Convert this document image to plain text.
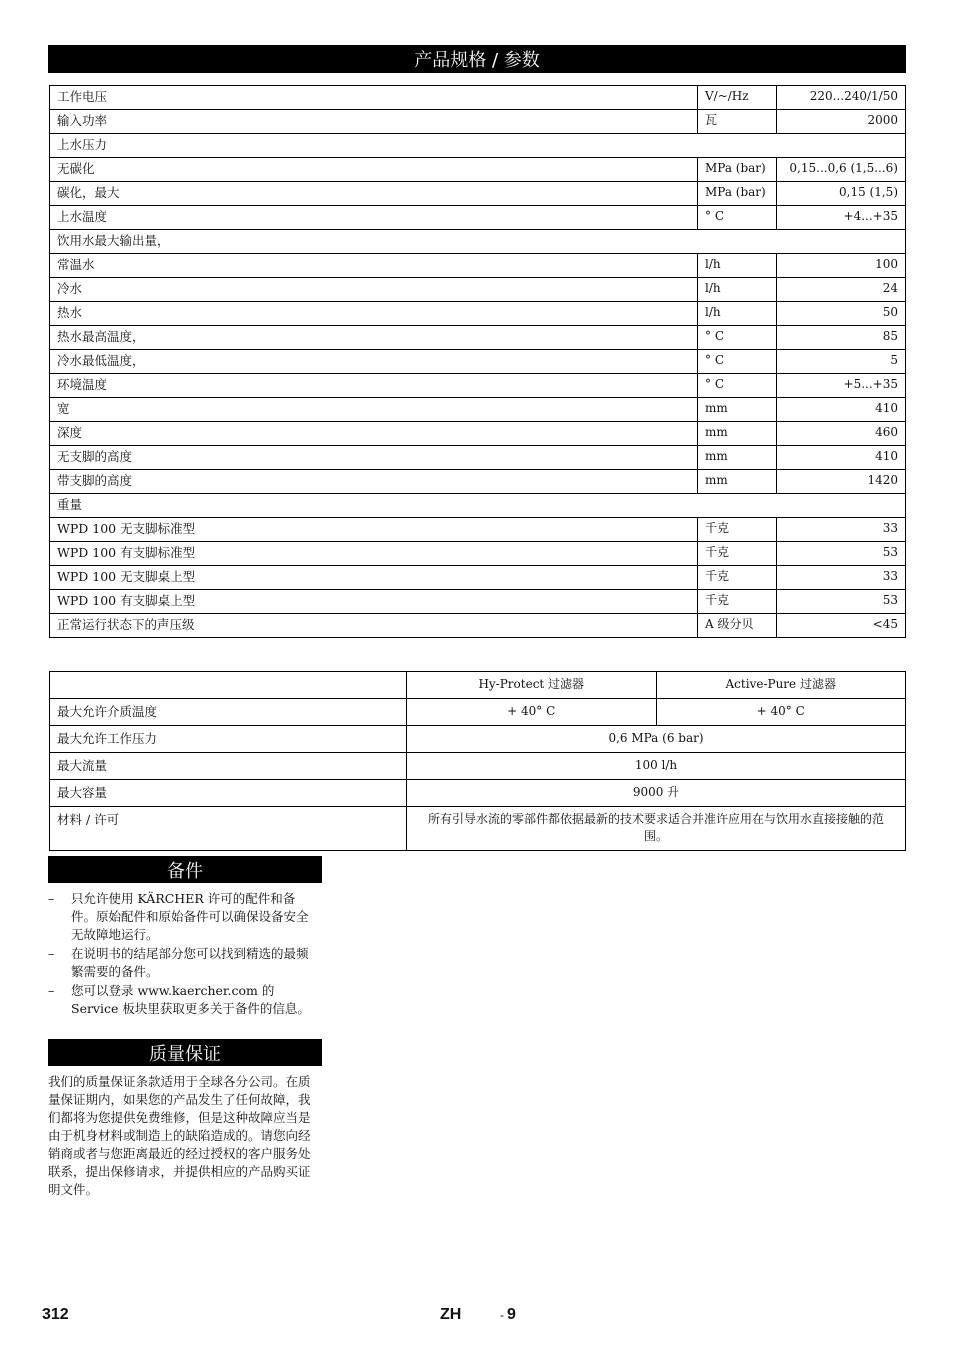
产品规格 / 参数
工作电压	V/~/Hz	220...240/1/50
输入功率	瓦	2000
上水压力		
无碳化	MPa (bar)	0,15...0,6 (1,5...6)
碳化，最大	MPa (bar)	0,15 (1,5)
上水温度	° C	+4...+35
饮用水最大输出量，		
常温水	l/h	100
冷水	l/h	24
热水	l/h	50
热水最高温度，	° C	85
冷水最低温度，	° C	5
环境温度	° C	+5...+35
宽	mm	410
深度	mm	460
无支脚的高度	mm	410
带支脚的高度	mm	1420
重量		
WPD 100 无支脚标准型	千克	33
WPD 100 有支脚标准型	千克	53
WPD 100 无支脚桌上型	千克	33
WPD 100 有支脚桌上型	千克	53
正常运行状态下的声压级	A 级分贝	<45
	Hy-Protect 过滤器	Active-Pure 过滤器
最大允许介质温度	+ 40° C	+ 40° C
最大允许工作压力	0,6 MPa (6 bar)	
最大流量	100 l/h	
最大容量	9000 升	
材料 / 许可	所有引导水流的零部件都依据最新的技术要求适合并准许应用在与饮用水直接接触的范围。	
备件
– 只允许使用 KÄRCHER 许可的配件和备件。原始配件和原始备件可以确保设备安全无故障地运行。
– 在说明书的结尾部分您可以找到精选的最频繁需要的备件。
– 您可以登录 www.kaercher.com 的 Service 板块里获取更多关于备件的信息。
质量保证

我们的质量保证条款适用于全球各分公司。在质量保证期内，如果您的产品发生了任何故障，我们都将为您提供免费维修，但是这种故障应当是由于机身材料或制造上的缺陷造成的。请您向经销商或者与您距离最近的经过授权的客户服务处联系，提出保修请求，并提供相应的产品购买证明文件。

312	ZH	- 9
